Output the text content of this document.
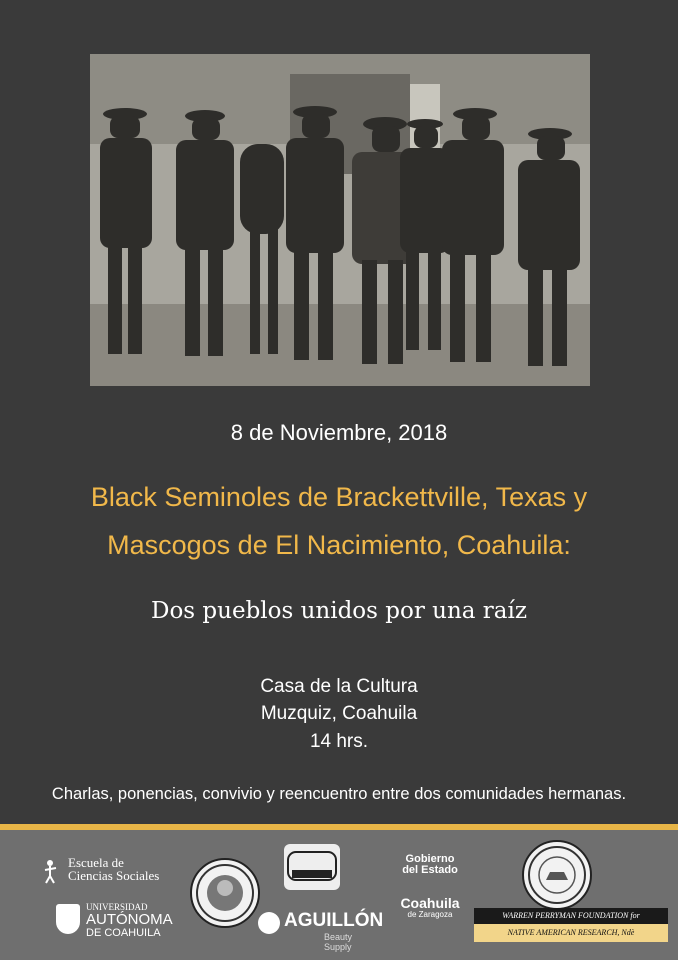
8 de Noviembre, 2018
Black Seminoles de Brackettville, Texas y
Mascogos de El Nacimiento, Coahuila:
Dos pueblos unidos por una raíz
Casa de la Cultura
Muzquiz, Coahuila
14 hrs.
Charlas, ponencias, convivio y reencuentro entre dos comunidades hermanas.
Escuela de
Ciencias Sociales
UNIVERSIDAD
AUTÓNOMA
DE COAHUILA
AGUILLÓN
Beauty Supply
Gobierno
del Estado
Coahuila
de Zaragoza	WARREN PERRYMAN FOUNDATION for
NATIVE AMERICAN RESEARCH, Ndè
